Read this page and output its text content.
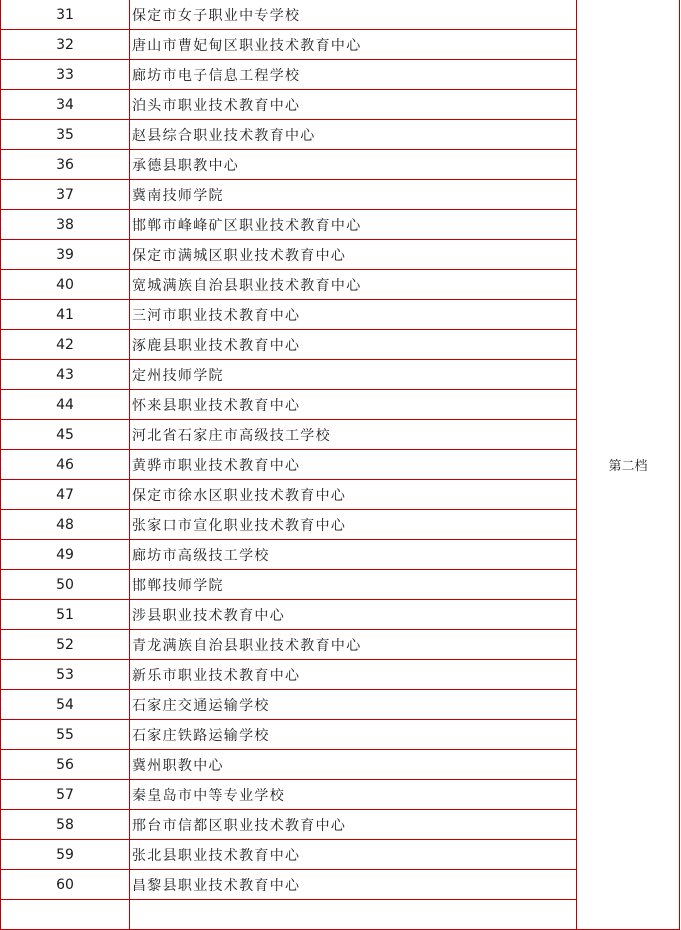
31	保定市女子职业中专学校	第二档
32	唐山市曹妃甸区职业技术教育中心	
33	廊坊市电子信息工程学校	
34	泊头市职业技术教育中心	
35	赵县综合职业技术教育中心	
36	承德县职教中心	
37	冀南技师学院	
38	邯郸市峰峰矿区职业技术教育中心	
39	保定市满城区职业技术教育中心	
40	宽城满族自治县职业技术教育中心	
41	三河市职业技术教育中心	
42	涿鹿县职业技术教育中心	
43	定州技师学院	
44	怀来县职业技术教育中心	
45	河北省石家庄市高级技工学校	
46	黄骅市职业技术教育中心	
47	保定市徐水区职业技术教育中心	
48	张家口市宣化职业技术教育中心	
49	廊坊市高级技工学校	
50	邯郸技师学院	
51	涉县职业技术教育中心	
52	青龙满族自治县职业技术教育中心	
53	新乐市职业技术教育中心	
54	石家庄交通运输学校	
55	石家庄铁路运输学校	
56	冀州职教中心	
57	秦皇岛市中等专业学校	
58	邢台市信都区职业技术教育中心	
59	张北县职业技术教育中心	
60	昌黎县职业技术教育中心	
